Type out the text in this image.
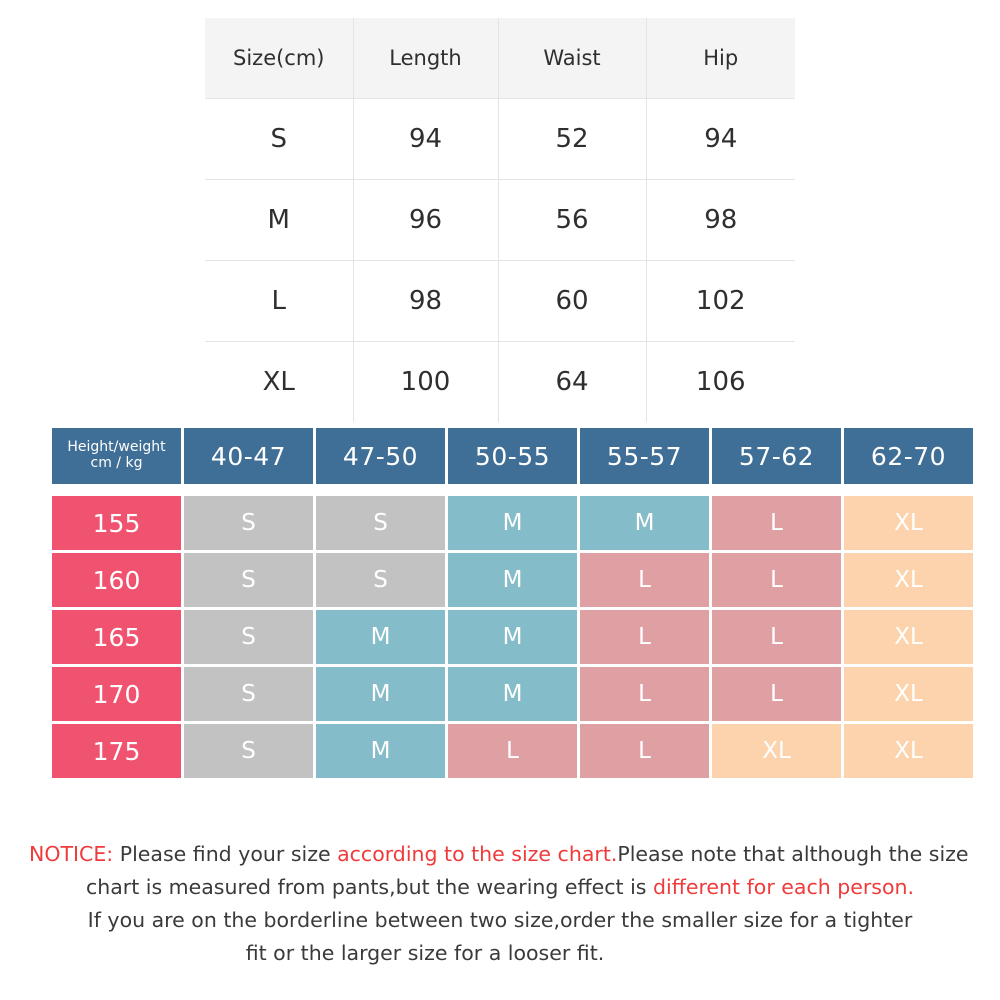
Size(cm)	Length	Waist	Hip
S	94	52	94
M	96	56	98
L	98	60	102
XL	100	64	106
Height/weight
cm / kg	40-47	47-50	50-55	55-57	57-62	62-70

155	S	S	M	M	L	XL
160	S	S	M	L	L	XL
165	S	M	M	L	L	XL
170	S	M	M	L	L	XL
175	S	M	L	L	XL	XL
NOTICE: Please find your size according to the size chart.Please note that although the size
chart is measured from pants,but the wearing effect is different for each person.
If you are on the borderline between two size,order the smaller size for a tighter
fit or the larger size for a looser fit.
